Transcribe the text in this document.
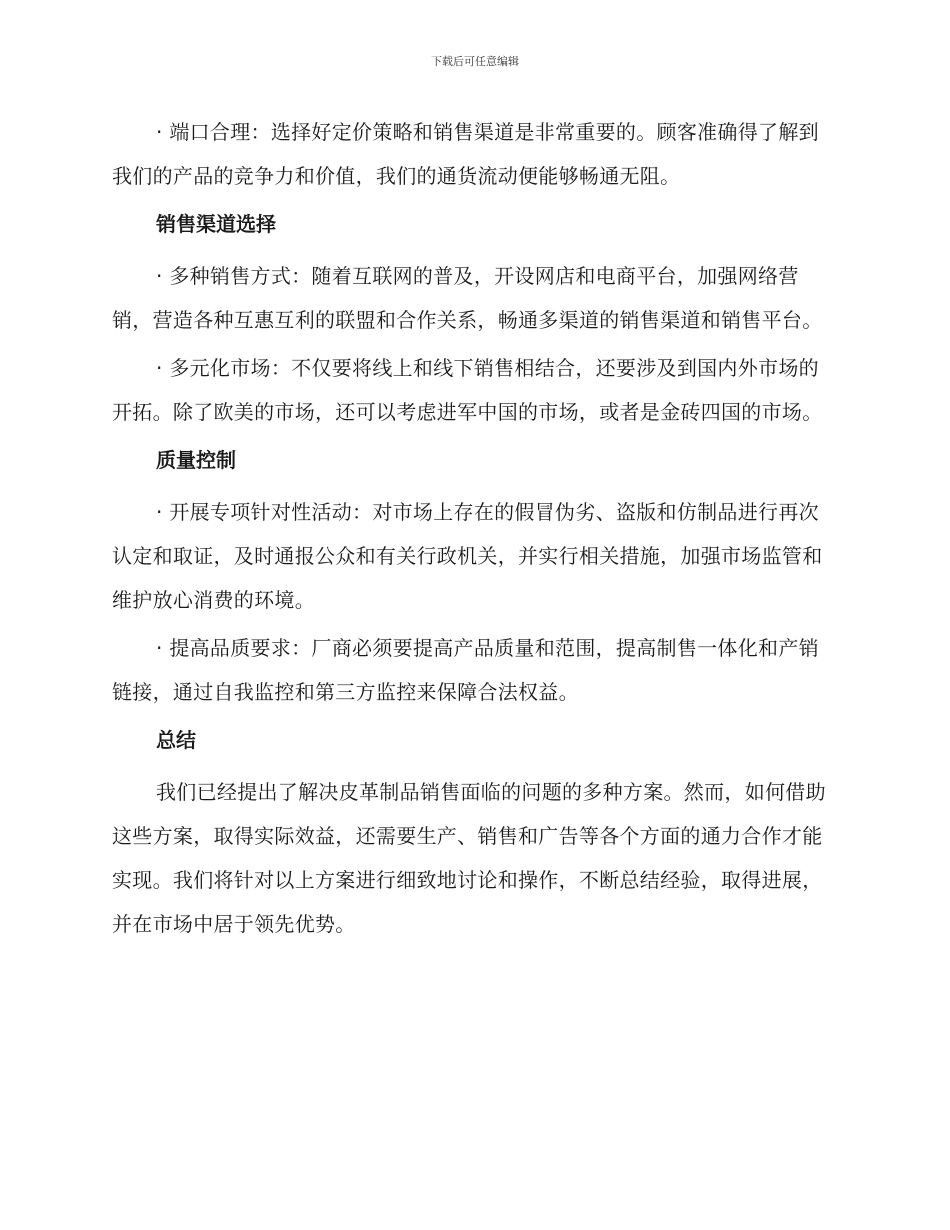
下载后可任意编辑

· 端口合理：选择好定价策略和销售渠道是非常重要的。顾客准确得了解到我们的产品的竞争力和价值，我们的通货流动便能够畅通无阻。

销售渠道选择

· 多种销售方式：随着互联网的普及，开设网店和电商平台，加强网络营销，营造各种互惠互利的联盟和合作关系，畅通多渠道的销售渠道和销售平台。

· 多元化市场：不仅要将线上和线下销售相结合，还要涉及到国内外市场的开拓。除了欧美的市场，还可以考虑进军中国的市场，或者是金砖四国的市场。

质量控制

· 开展专项针对性活动：对市场上存在的假冒伪劣、盗版和仿制品进行再次认定和取证，及时通报公众和有关行政机关，并实行相关措施，加强市场监管和维护放心消费的环境。

· 提高品质要求：厂商必须要提高产品质量和范围，提高制售一体化和产销链接，通过自我监控和第三方监控来保障合法权益。

总结

我们已经提出了解决皮革制品销售面临的问题的多种方案。然而，如何借助这些方案，取得实际效益，还需要生产、销售和广告等各个方面的通力合作才能实现。我们将针对以上方案进行细致地讨论和操作，不断总结经验，取得进展，并在市场中居于领先优势。
